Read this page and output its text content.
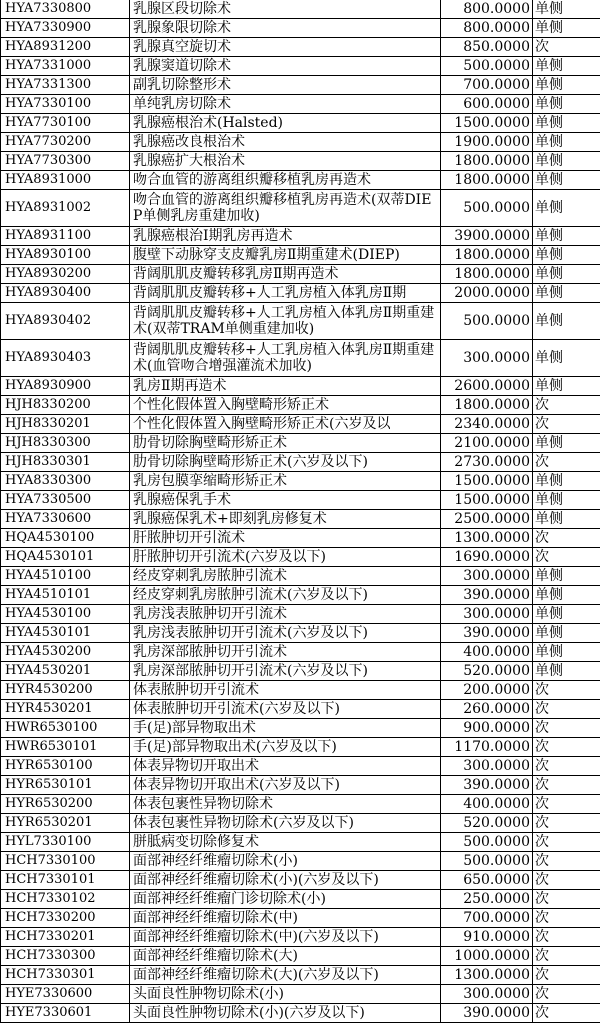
HYA7330800	乳腺区段切除术	800.0000	单侧
HYA7330900	乳腺象限切除术	800.0000	单侧
HYA8931200	乳腺真空旋切术	850.0000	次
HYA7331000	乳腺窦道切除术	500.0000	单侧
HYA7331300	副乳切除整形术	700.0000	单侧
HYA7330100	单纯乳房切除术	600.0000	单侧
HYA7730100	乳腺癌根治术(Halsted)	1500.0000	单侧
HYA7730200	乳腺癌改良根治术	1900.0000	单侧
HYA7730300	乳腺癌扩大根治术	1800.0000	单侧
HYA8931000	吻合血管的游离组织瓣移植乳房再造术	1800.0000	单侧
HYA8931002	吻合血管的游离组织瓣移植乳房再造术(双蒂DIEP单侧乳房重建加收)	500.0000	单侧
HYA8931100	乳腺癌根治Ⅰ期乳房再造术	3900.0000	单侧
HYA8930100	腹壁下动脉穿支皮瓣乳房Ⅱ期重建术(DIEP)	1800.0000	单侧
HYA8930200	背阔肌肌皮瓣转移乳房Ⅱ期再造术	1800.0000	单侧
HYA8930400	背阔肌肌皮瓣转移+人工乳房植入体乳房Ⅱ期	2000.0000	单侧
HYA8930402	背阔肌肌皮瓣转移+人工乳房植入体乳房Ⅱ期重建术(双蒂TRAM单侧重建加收)	500.0000	单侧
HYA8930403	背阔肌肌皮瓣转移+人工乳房植入体乳房Ⅱ期重建术(血管吻合增强灌流术加收)	300.0000	单侧
HYA8930900	乳房Ⅱ期再造术	2600.0000	单侧
HJH8330200	个性化假体置入胸壁畸形矫正术	1800.0000	次
HJH8330201	个性化假体置入胸壁畸形矫正术(六岁及以	2340.0000	次
HJH8330300	肋骨切除胸壁畸形矫正术	2100.0000	单侧
HJH8330301	肋骨切除胸壁畸形矫正术(六岁及以下)	2730.0000	次
HYA8330300	乳房包膜挛缩畸形矫正术	1500.0000	单侧
HYA7330500	乳腺癌保乳手术	1500.0000	单侧
HYA7330600	乳腺癌保乳术+即刻乳房修复术	2500.0000	单侧
HQA4530100	肝脓肿切开引流术	1300.0000	次
HQA4530101	肝脓肿切开引流术(六岁及以下)	1690.0000	次
HYA4510100	经皮穿刺乳房脓肿引流术	300.0000	单侧
HYA4510101	经皮穿刺乳房脓肿引流术(六岁及以下)	390.0000	单侧
HYA4530100	乳房浅表脓肿切开引流术	300.0000	单侧
HYA4530101	乳房浅表脓肿切开引流术(六岁及以下)	390.0000	单侧
HYA4530200	乳房深部脓肿切开引流术	400.0000	单侧
HYA4530201	乳房深部脓肿切开引流术(六岁及以下)	520.0000	单侧
HYR4530200	体表脓肿切开引流术	200.0000	次
HYR4530201	体表脓肿切开引流术(六岁及以下)	260.0000	次
HWR6530100	手(足)部异物取出术	900.0000	次
HWR6530101	手(足)部异物取出术(六岁及以下)	1170.0000	次
HYR6530100	体表异物切开取出术	300.0000	次
HYR6530101	体表异物切开取出术(六岁及以下)	390.0000	次
HYR6530200	体表包裹性异物切除术	400.0000	次
HYR6530201	体表包裹性异物切除术(六岁及以下)	520.0000	次
HYL7330100	胼胝病变切除修复术	500.0000	次
HCH7330100	面部神经纤维瘤切除术(小)	500.0000	次
HCH7330101	面部神经纤维瘤切除术(小)(六岁及以下)	650.0000	次
HCH7330102	面部神经纤维瘤门诊切除术(小)	250.0000	次
HCH7330200	面部神经纤维瘤切除术(中)	700.0000	次
HCH7330201	面部神经纤维瘤切除术(中)(六岁及以下)	910.0000	次
HCH7330300	面部神经纤维瘤切除术(大)	1000.0000	次
HCH7330301	面部神经纤维瘤切除术(大)(六岁及以下)	1300.0000	次
HYE7330600	头面良性肿物切除术(小)	300.0000	次
HYE7330601	头面良性肿物切除术(小)(六岁及以下)	390.0000	次
